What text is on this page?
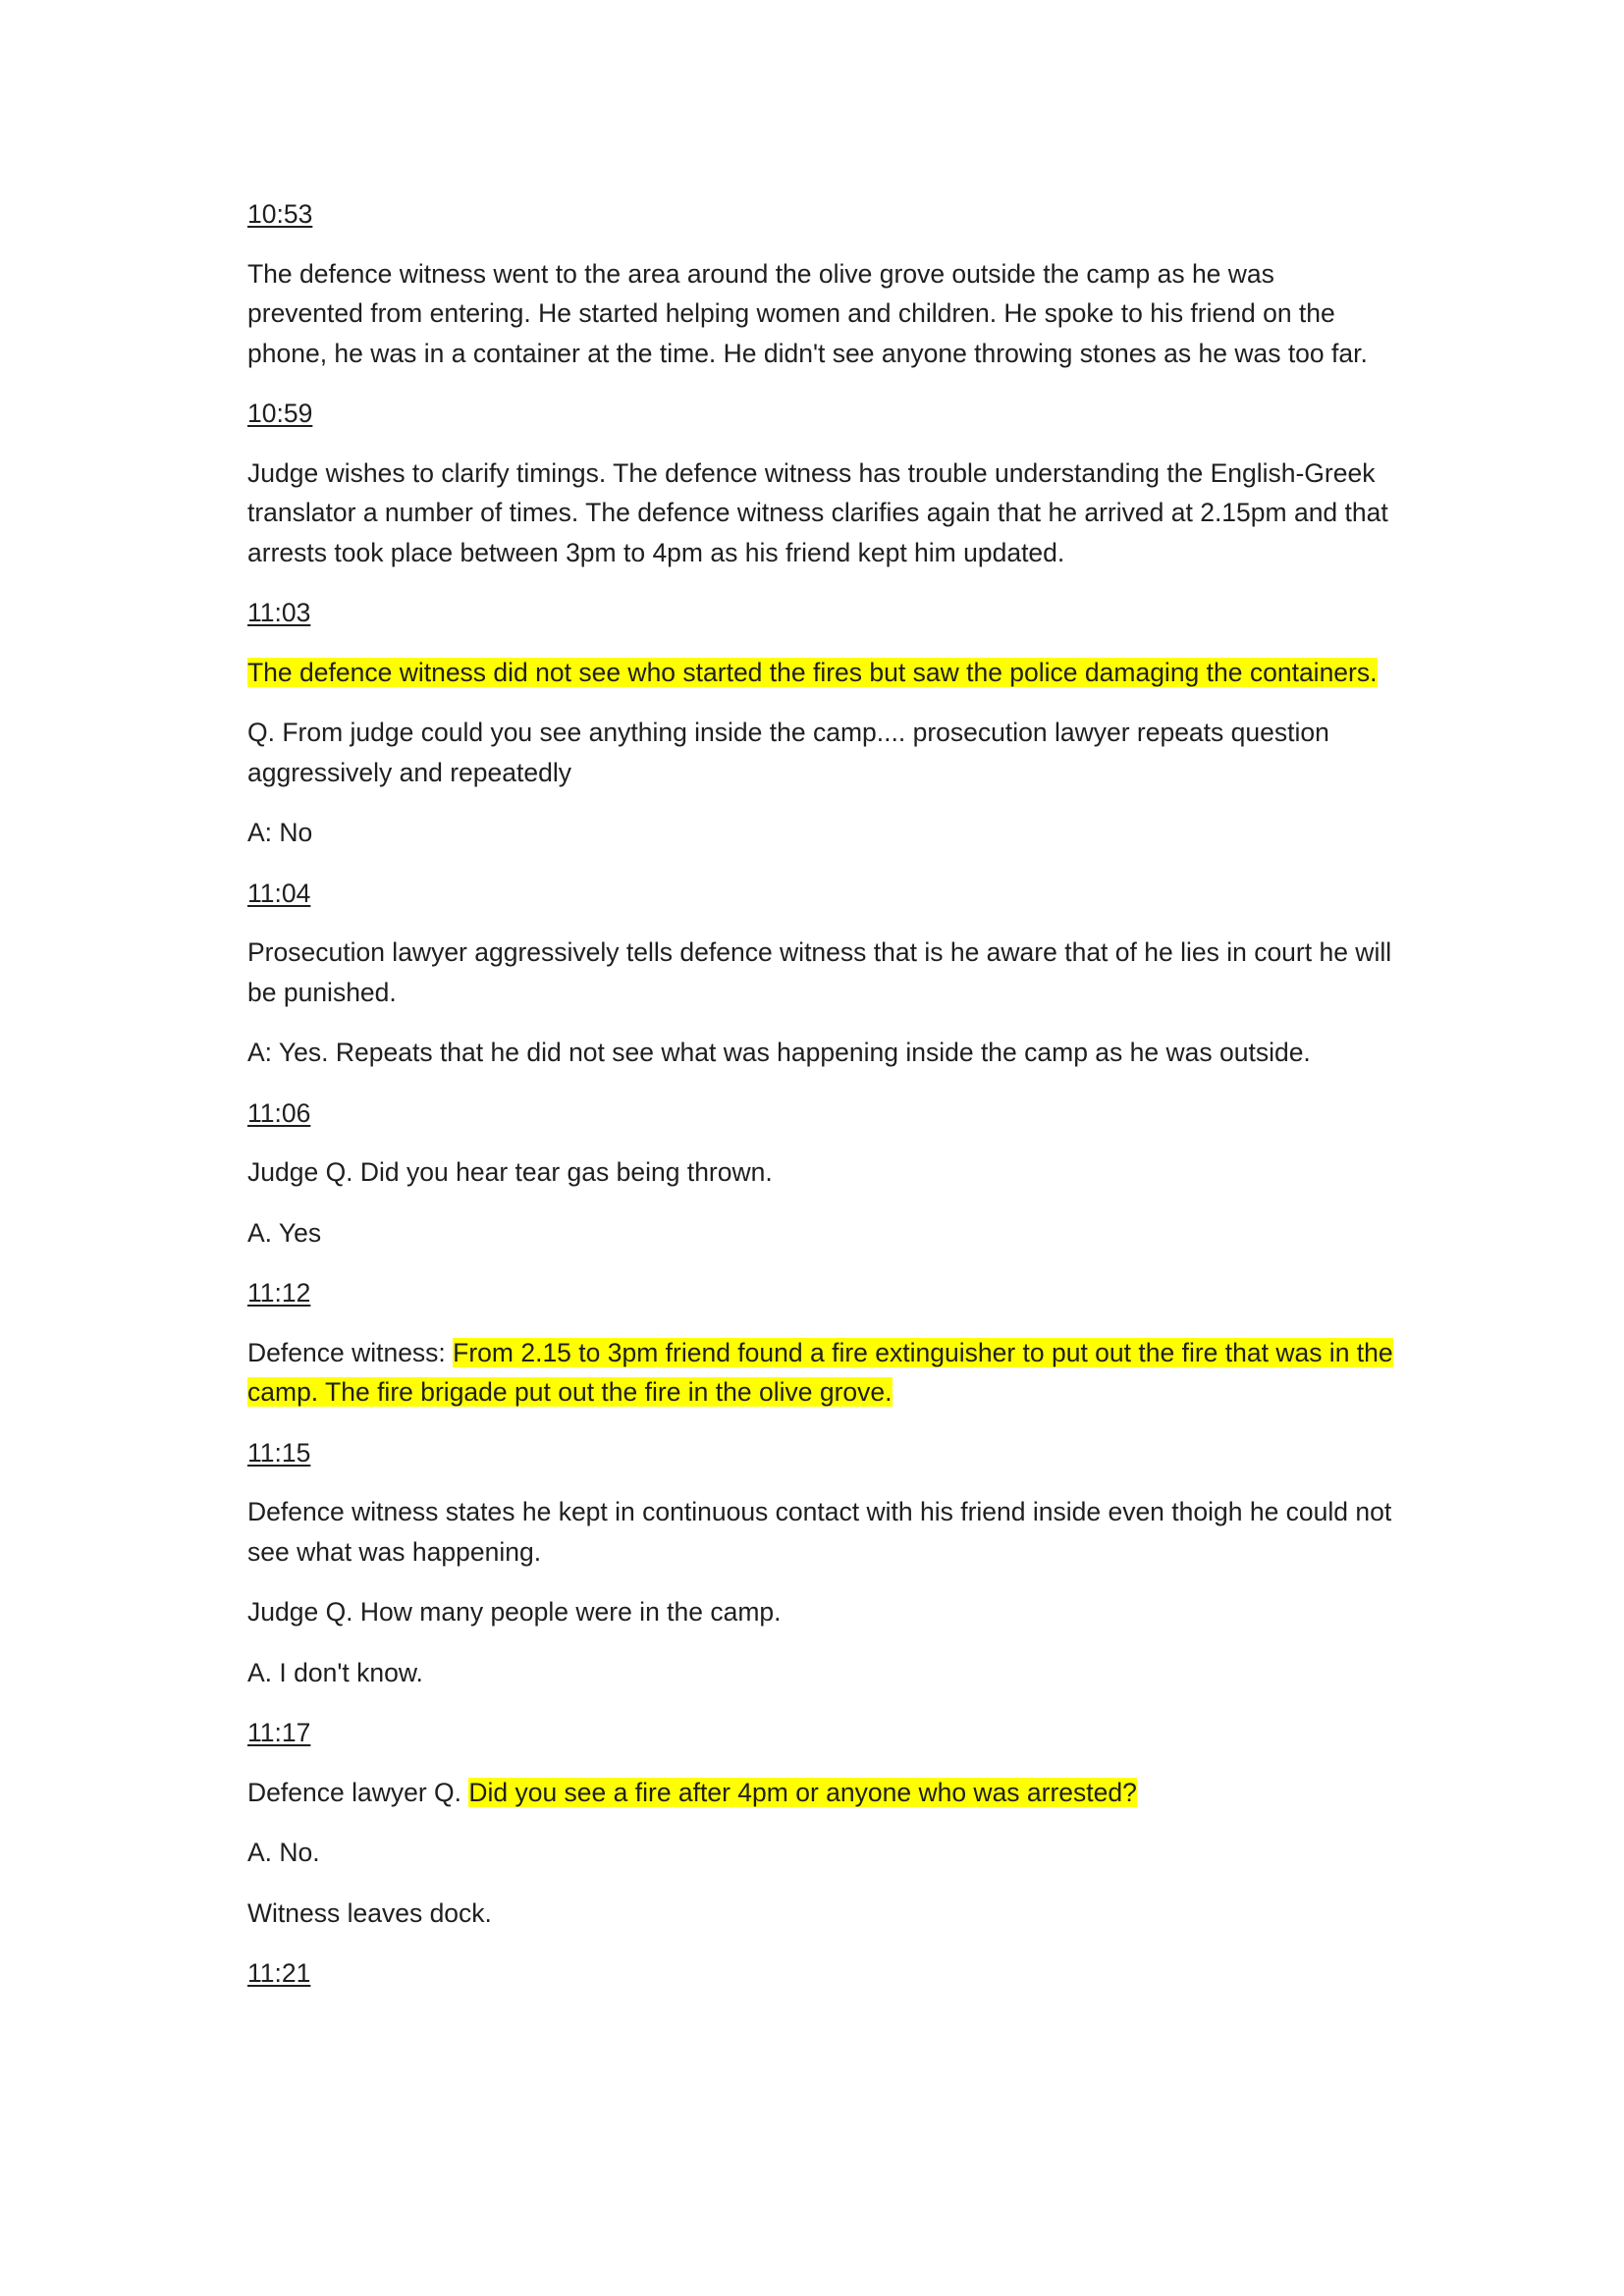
10:53

The defence witness went to the area around the olive grove outside the camp as he was prevented from entering. He started helping women and children. He spoke to his friend on the phone, he was in a container at the time. He didn't see anyone throwing stones as he was too far.

10:59

Judge wishes to clarify timings. The defence witness has trouble understanding the English-Greek translator a number of times. The defence witness clarifies again that he arrived at 2.15pm and that arrests took place between 3pm to 4pm as his friend kept him updated.

11:03

The defence witness did not see who started the fires but saw the police damaging the containers.

Q. From judge could you see anything inside the camp.... prosecution lawyer repeats question aggressively and repeatedly

A: No

11:04

Prosecution lawyer aggressively tells defence witness that is he aware that of he lies in court he will be punished.

A: Yes. Repeats that he did not see what was happening inside the camp as he was outside.

11:06

Judge Q. Did you hear tear gas being thrown.

A. Yes

11:12

Defence witness: From 2.15 to 3pm friend found a fire extinguisher to put out the fire that was in the camp. The fire brigade put out the fire in the olive grove.

11:15

Defence witness states he kept in continuous contact with his friend inside even thoigh he could not see what was happening.

Judge Q. How many people were in the camp.

A. I don't know.

11:17

Defence lawyer Q. Did you see a fire after 4pm or anyone who was arrested?

A. No.

Witness leaves dock.

11:21
